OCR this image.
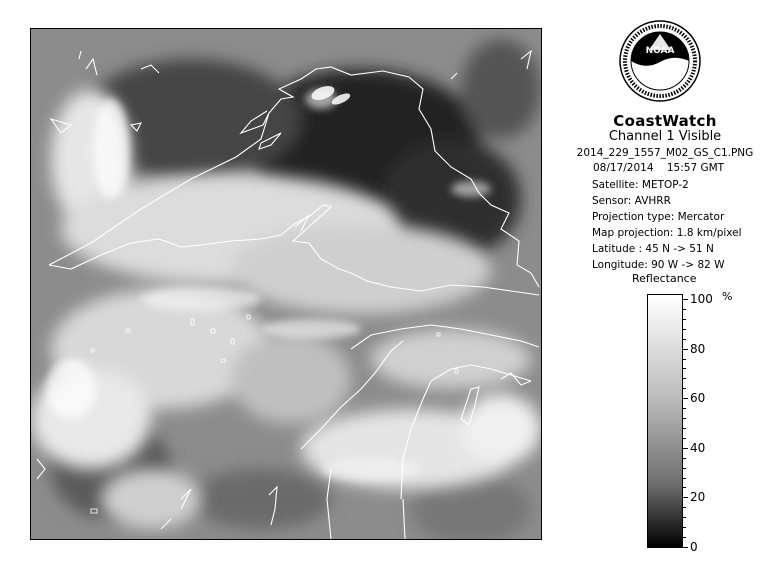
NOAA
CoastWatch
Channel 1 Visible
2014_229_1557_M02_GS_C1.PNG
08/17/2014    15:57 GMT
Satellite: METOP-2
Sensor: AVHRR
Projection type: Mercator
Map projection: 1.8 km/pixel
Latitude : 45 N -> 51 N
Longitude: 90 W -> 82 W
Reflectance
%
100
80
60
40
20
0
